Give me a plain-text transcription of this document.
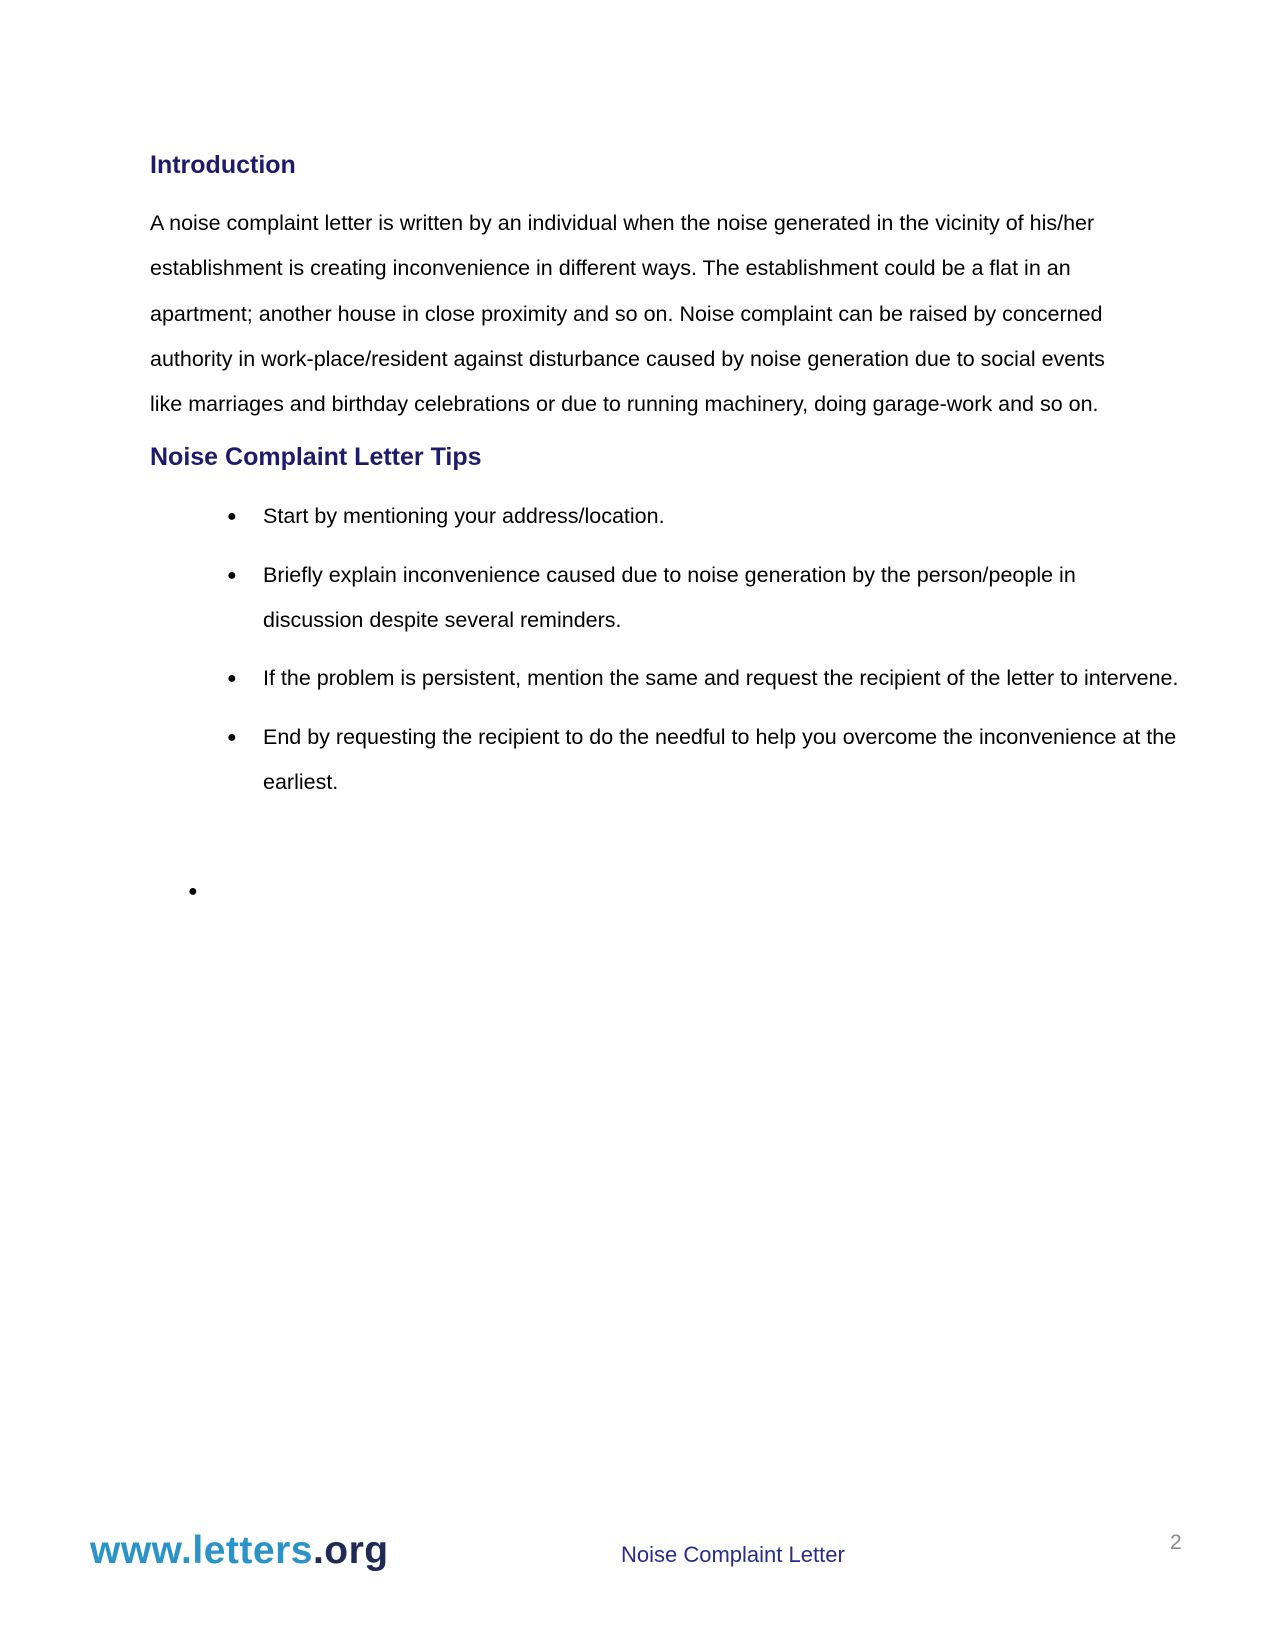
Introduction

A noise complaint letter is written by an individual when the noise generated in the vicinity of his/her
establishment is creating inconvenience in different ways. The establishment could be a flat in an
apartment; another house in close proximity and so on. Noise complaint can be raised by concerned
authority in work-place/resident against disturbance caused by noise generation due to social events
like marriages and birthday celebrations or due to running machinery, doing garage-work and so on.

Noise Complaint Letter Tips
● Start by mentioning your address/location.
● Briefly explain inconvenience caused due to noise generation by the person/people in discussion despite several reminders.
● If the problem is persistent, mention the same and request the recipient of the letter to intervene.
● End by requesting the recipient to do the needful to help you overcome the inconvenience at the earliest.
●
www.letters.org	Noise Complaint Letter	2
